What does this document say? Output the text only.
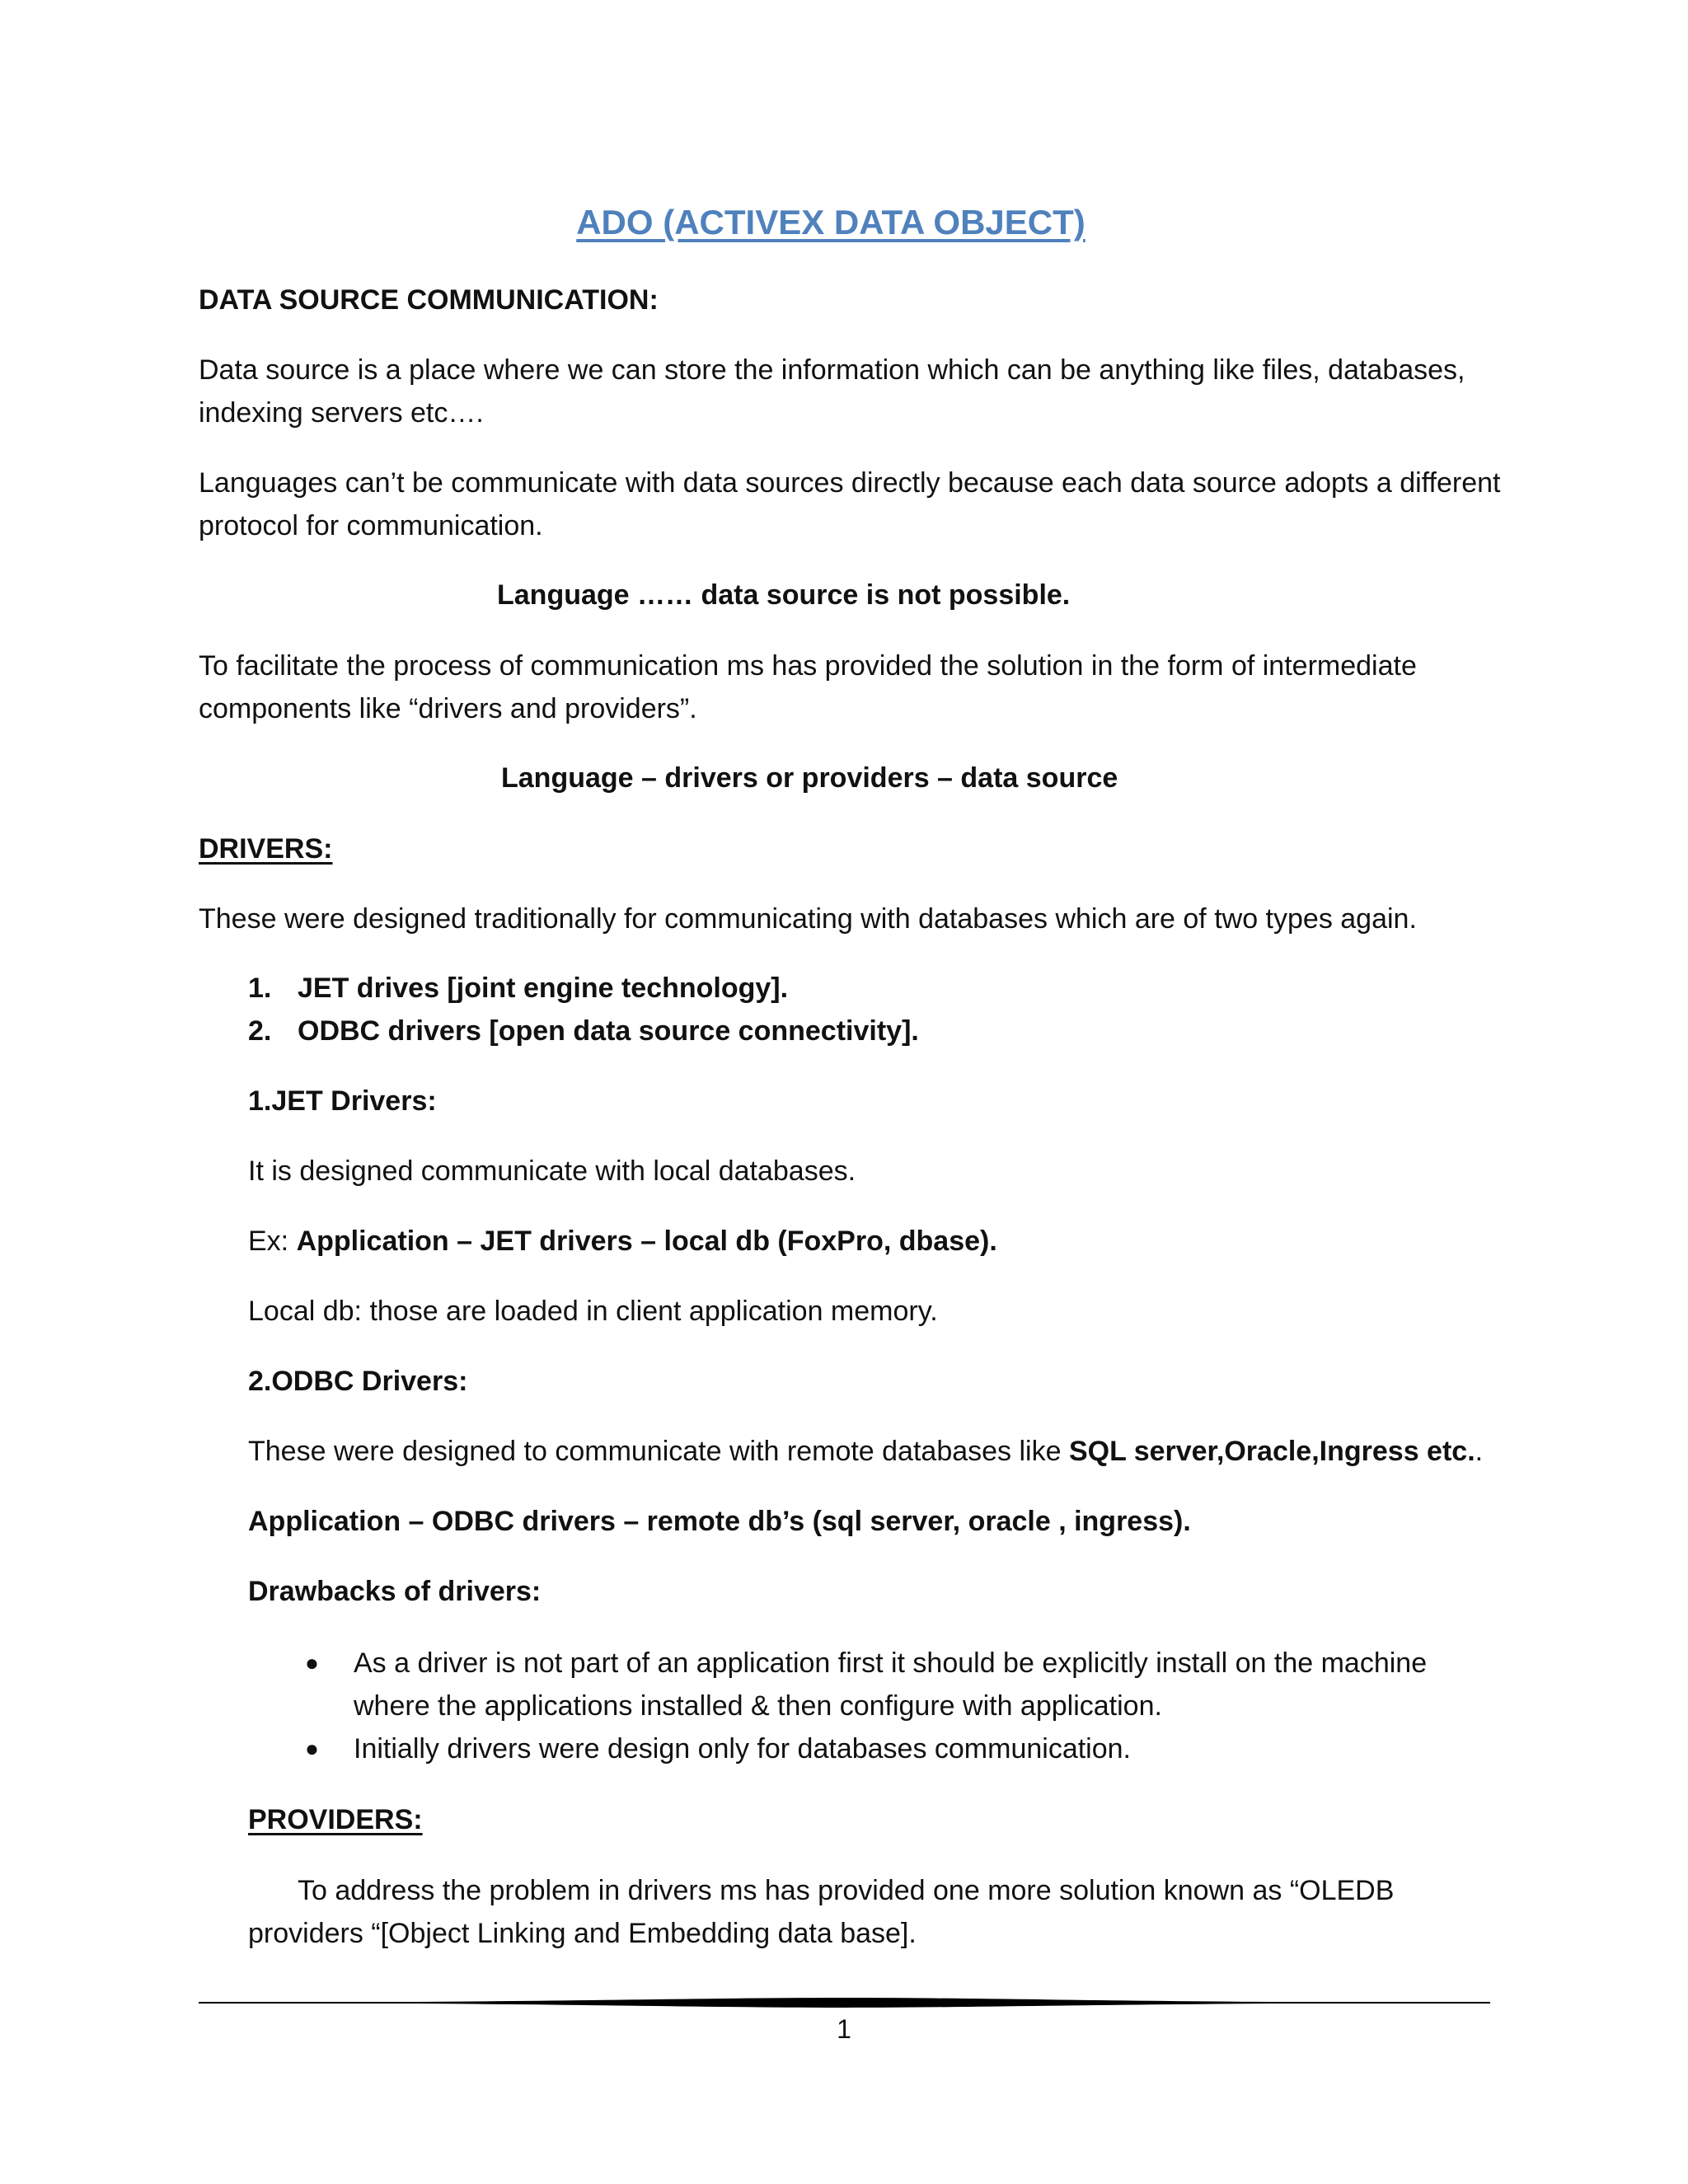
ADO (ACTIVEX DATA OBJECT)
DATA SOURCE COMMUNICATION:
Data source is a place where we can store the information which can be anything like files, databases,
indexing servers etc….
Languages can’t be communicate with data sources directly because each data source adopts a different
protocol for communication.
Language …… data source is not possible.
To facilitate the process of communication ms has provided the solution in the form of intermediate
components like “drivers and providers”.
Language – drivers or providers – data source
DRIVERS:
These were designed traditionally for communicating with databases which are of two types again.
1. JET drives [joint engine technology].
2. ODBC drivers [open data source connectivity].
1.JET Drivers:
It is designed communicate with local databases.
Ex: Application – JET drivers – local db (FoxPro, dbase).
Local db: those are loaded in client application memory.
2.ODBC Drivers:
These were designed to communicate with remote databases like SQL server,Oracle,Ingress etc..
Application – ODBC drivers – remote db’s (sql server, oracle , ingress).
Drawbacks of drivers:
● As a driver is not part of an application first it should be explicitly install on the machine
where the applications installed & then configure with application.
● Initially drivers were design only for databases communication.
PROVIDERS:
To address the problem in drivers ms has provided one more solution known as “OLEDB
providers “[Object Linking and Embedding data base].
1
